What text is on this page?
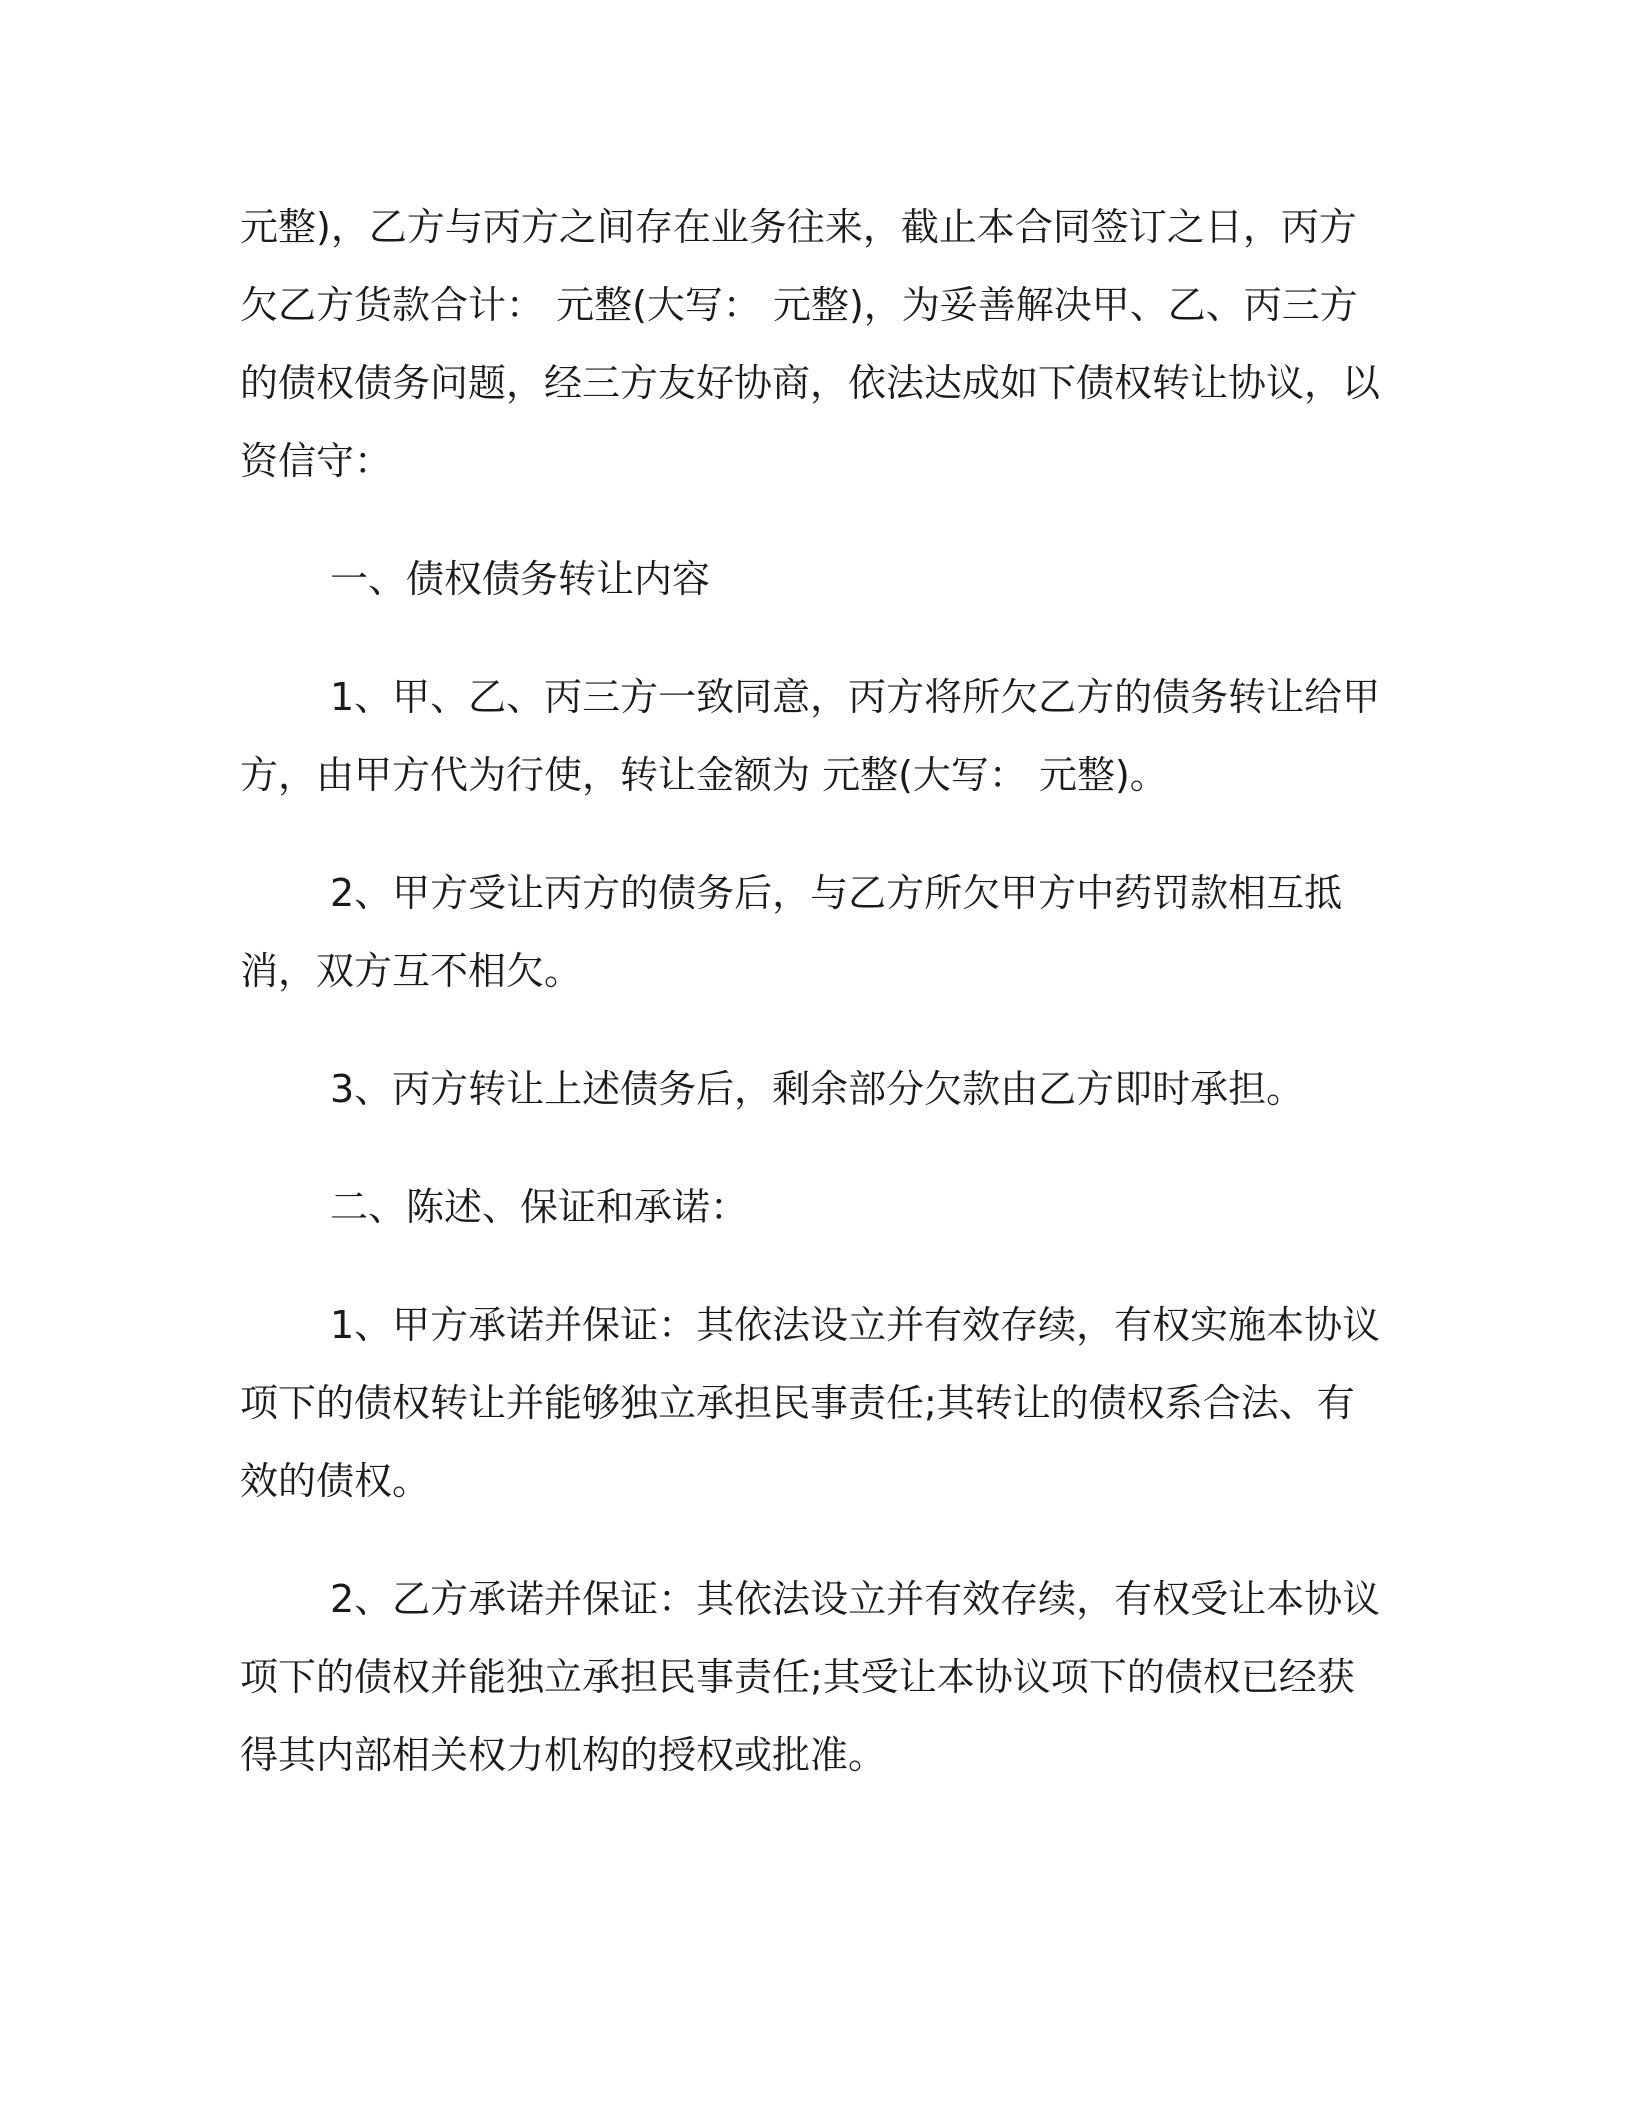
元整)，乙方与丙方之间存在业务往来，截止本合同签订之日，丙方欠乙方货款合计： 元整(大写： 元整)，为妥善解决甲、乙、丙三方的债权债务问题，经三方友好协商，依法达成如下债权转让协议，以资信守：

一、债权债务转让内容

1、甲、乙、丙三方一致同意，丙方将所欠乙方的债务转让给甲方，由甲方代为行使，转让金额为 元整(大写： 元整)。

2、甲方受让丙方的债务后，与乙方所欠甲方中药罚款相互抵消，双方互不相欠。

3、丙方转让上述债务后，剩余部分欠款由乙方即时承担。

二、陈述、保证和承诺：

1、甲方承诺并保证：其依法设立并有效存续，有权实施本协议项下的债权转让并能够独立承担民事责任;其转让的债权系合法、有效的债权。

2、乙方承诺并保证：其依法设立并有效存续，有权受让本协议项下的债权并能独立承担民事责任;其受让本协议项下的债权已经获得其内部相关权力机构的授权或批准。
